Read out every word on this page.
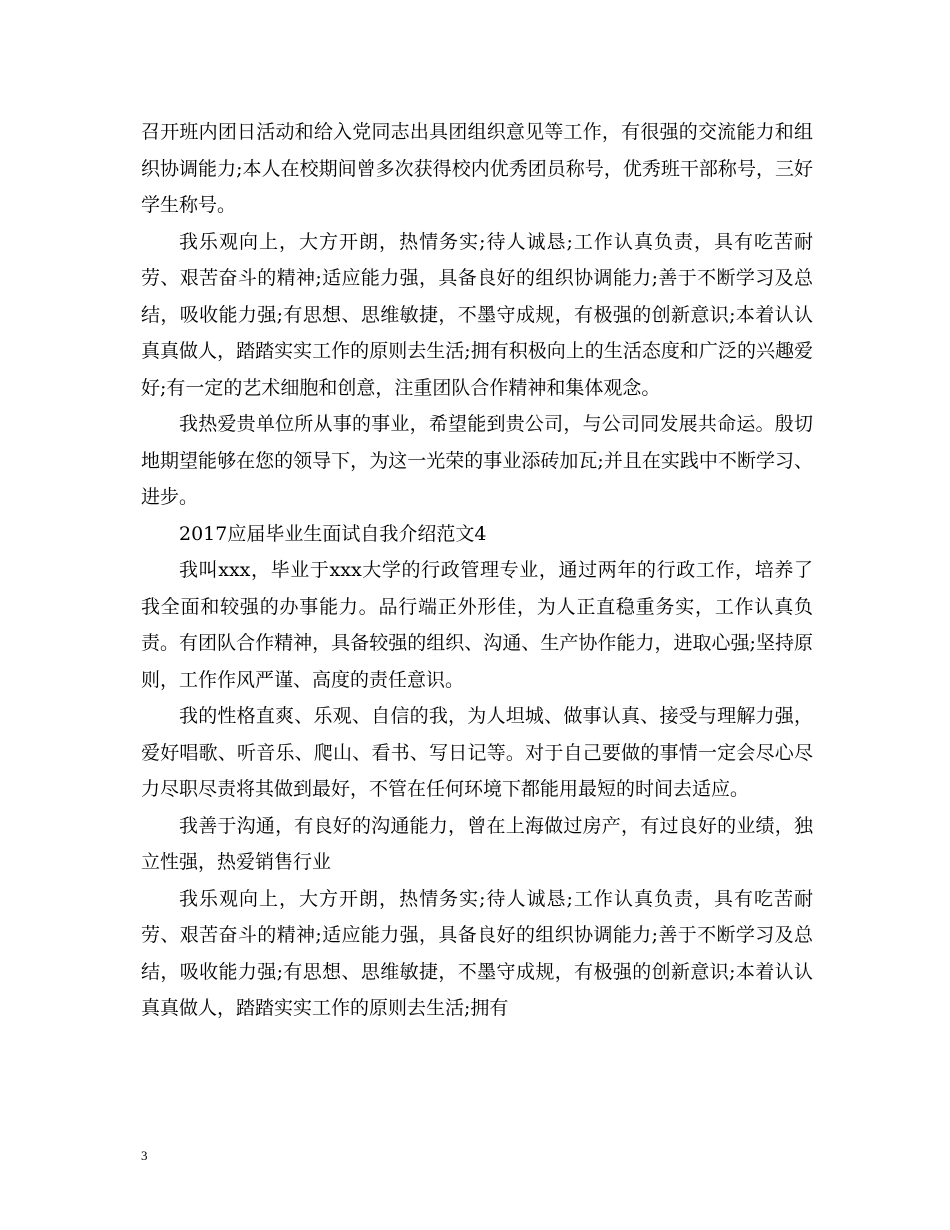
召开班内团日活动和给入党同志出具团组织意见等工作，有很强的交流能力和组织协调能力;本人在校期间曾多次获得校内优秀团员称号，优秀班干部称号，三好学生称号。

我乐观向上，大方开朗，热情务实;待人诚恳;工作认真负责，具有吃苦耐劳、艰苦奋斗的精神;适应能力强，具备良好的组织协调能力;善于不断学习及总结，吸收能力强;有思想、思维敏捷，不墨守成规，有极强的创新意识;本着认认真真做人，踏踏实实工作的原则去生活;拥有积极向上的生活态度和广泛的兴趣爱好;有一定的艺术细胞和创意，注重团队合作精神和集体观念。

我热爱贵单位所从事的事业，希望能到贵公司，与公司同发展共命运。殷切地期望能够在您的领导下，为这一光荣的事业添砖加瓦;并且在实践中不断学习、进步。

2017应届毕业生面试自我介绍范文4

我叫xxx，毕业于xxx大学的行政管理专业，通过两年的行政工作，培养了我全面和较强的办事能力。品行端正外形佳，为人正直稳重务实，工作认真负责。有团队合作精神，具备较强的组织、沟通、生产协作能力，进取心强;坚持原则，工作作风严谨、高度的责任意识。

我的性格直爽、乐观、自信的我，为人坦城、做事认真、接受与理解力强，爱好唱歌、听音乐、爬山、看书、写日记等。对于自己要做的事情一定会尽心尽力尽职尽责将其做到最好，不管在任何环境下都能用最短的时间去适应。

我善于沟通，有良好的沟通能力，曾在上海做过房产，有过良好的业绩，独立性强，热爱销售行业

我乐观向上，大方开朗，热情务实;待人诚恳;工作认真负责，具有吃苦耐劳、艰苦奋斗的精神;适应能力强，具备良好的组织协调能力;善于不断学习及总结，吸收能力强;有思想、思维敏捷，不墨守成规，有极强的创新意识;本着认认真真做人，踏踏实实工作的原则去生活;拥有

3
